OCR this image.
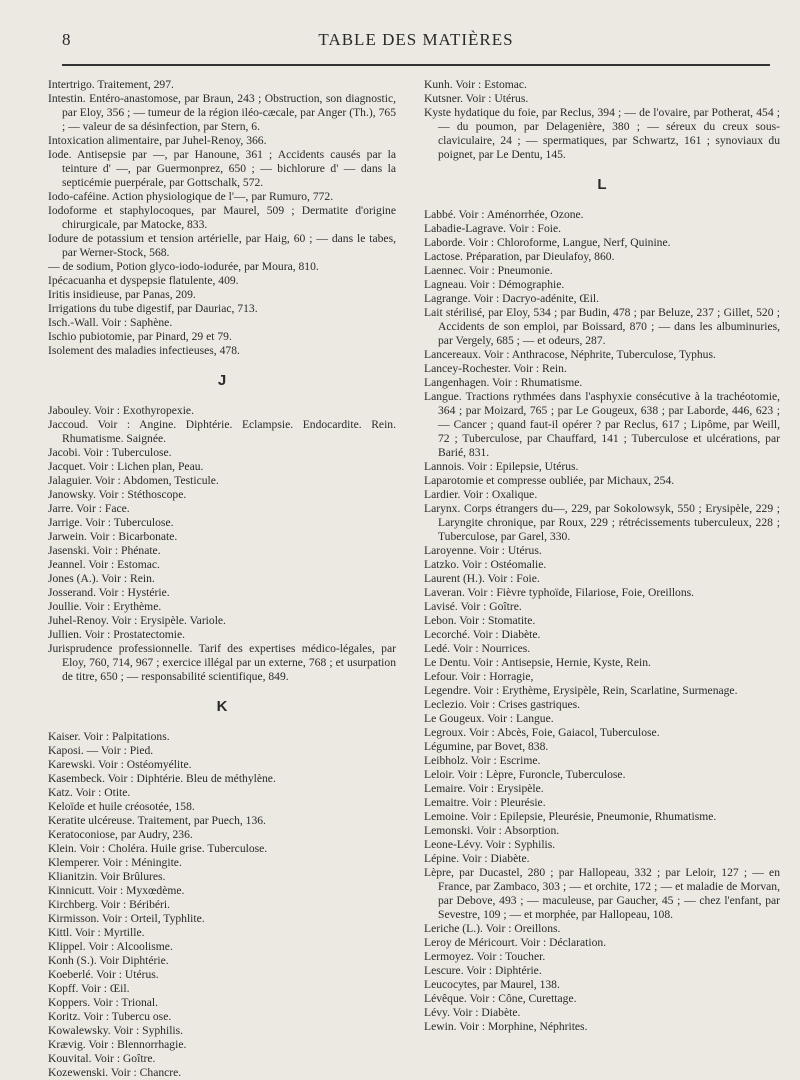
8	TABLE DES MATIÈRES

Intertrigo. Traitement, 297.

Intestin. Entéro-anastomose, par Braun, 243 ; Obstruction, son diagnostic, par Eloy, 356 ; — tumeur de la région iléo-cæcale, par Anger (Th.), 765 ; — valeur de sa désinfection, par Stern, 6.

Intoxication alimentaire, par Juhel-Renoy, 366.

Iode. Antisepsie par —, par Hanoune, 361 ; Accidents causés par la teinture d' —, par Guermonprez, 650 ; — bichlorure d' — dans la septicémie puerpérale, par Gottschalk, 572.

Iodo-caféine. Action physiologique de l'—, par Rumuro, 772.

Iodoforme et staphylocoques, par Maurel, 509 ; Dermatite d'origine chirurgicale, par Matocke, 833.

Iodure de potassium et tension artérielle, par Haig, 60 ; — dans le tabes, par Werner-Stock, 568.

— de sodium, Potion glyco-iodo-iodurée, par Moura, 810.

Ipécacuanha et dyspepsie flatulente, 409.

Iritis insidieuse, par Panas, 209.

Irrigations du tube digestif, par Dauriac, 713.

Isch.-Wall. Voir : Saphène.

Ischio pubiotomie, par Pinard, 29 et 79.

Isolement des maladies infectieuses, 478.

J

Jabouley. Voir : Exothyropexie.

Jaccoud. Voir : Angine. Diphtérie. Eclampsie. Endocardite. Rein. Rhumatisme. Saignée.

Jacobi. Voir : Tuberculose.

Jacquet. Voir : Lichen plan, Peau.

Jalaguier. Voir : Abdomen, Testicule.

Janowsky. Voir : Stéthoscope.

Jarre. Voir : Face.

Jarrige. Voir : Tuberculose.

Jarwein. Voir : Bicarbonate.

Jasenski. Voir : Phénate.

Jeannel. Voir : Estomac.

Jones (A.). Voir : Rein.

Josserand. Voir : Hystérie.

Joullie. Voir : Erythème.

Juhel-Renoy. Voir : Erysipèle. Variole.

Jullien. Voir : Prostatectomie.

Jurisprudence professionnelle. Tarif des expertises médico-légales, par Eloy, 760, 714, 967 ; exercice illégal par un externe, 768 ; et usurpation de titre, 650 ; — responsabilité scientifique, 849.

K

Kaiser. Voir : Palpitations.

Kaposi. — Voir : Pied.

Karewski. Voir : Ostéomyélite.

Kasembeck. Voir : Diphtérie. Bleu de méthylène.

Katz. Voir : Otite.

Keloïde et huile créosotée, 158.

Keratite ulcéreuse. Traitement, par Puech, 136.

Keratoconiose, par Audry, 236.

Klein. Voir : Choléra. Huile grise. Tuberculose.

Klemperer. Voir : Méningite.

Klianitzin. Voir Brûlures.

Kinnicutt. Voir : Myxœdème.

Kirchberg. Voir : Béribéri.

Kirmisson. Voir : Orteil, Typhlite.

Kittl. Voir : Myrtille.

Klippel. Voir : Alcoolisme.

Konh (S.). Voir Diphtérie.

Koeberlé. Voir : Utérus.

Kopff. Voir : Œil.

Koppers. Voir : Trional.

Koritz. Voir : Tubercu ose.

Kowalewsky. Voir : Syphilis.

Krævig. Voir : Blennorrhagie.

Kouvital. Voir : Goître.

Kozewenski. Voir : Chancre.

Kunh. Voir : Estomac.

Kutsner. Voir : Utérus.

Kyste hydatique du foie, par Reclus, 394 ; — de l'ovaire, par Potherat, 454 ; — du poumon, par Delagenière, 380 ; — séreux du creux sous-claviculaire, 24 ; — spermatiques, par Schwartz, 161 ; synoviaux du poignet, par Le Dentu, 145.

L

Labbé. Voir : Aménorrhée, Ozone.

Labadie-Lagrave. Voir : Foie.

Laborde. Voir : Chloroforme, Langue, Nerf, Quinine.

Lactose. Préparation, par Dieulafoy, 860.

Laennec. Voir : Pneumonie.

Lagneau. Voir : Démographie.

Lagrange. Voir : Dacryo-adénite, Œil.

Lait stérilisé, par Eloy, 534 ; par Budin, 478 ; par Beluze, 237 ; Gillet, 520 ; Accidents de son emploi, par Boissard, 870 ; — dans les albuminuries, par Vergely, 685 ; — et odeurs, 287.

Lancereaux. Voir : Anthracose, Néphrite, Tuberculose, Typhus.

Lancey-Rochester. Voir : Rein.

Langenhagen. Voir : Rhumatisme.

Langue. Tractions rythmées dans l'asphyxie consécutive à la trachéotomie, 364 ; par Moizard, 765 ; par Le Gougeux, 638 ; par Laborde, 446, 623 ; — Cancer ; quand faut-il opérer ? par Reclus, 617 ; Lipôme, par Weill, 72 ; Tuberculose, par Chauffard, 141 ; Tuberculose et ulcérations, par Barié, 831.

Lannois. Voir : Epilepsie, Utérus.

Laparotomie et compresse oubliée, par Michaux, 254.

Lardier. Voir : Oxalique.

Larynx. Corps étrangers du—, 229, par Sokolowsyk, 550 ; Erysipèle, 229 ; Laryngite chronique, par Roux, 229 ; rétrécissements tuberculeux, 228 ; Tuberculose, par Garel, 330.

Laroyenne. Voir : Utérus.

Latzko. Voir : Ostéomalie.

Laurent (H.). Voir : Foie.

Laveran. Voir : Fièvre typhoïde, Filariose, Foie, Oreillons.

Lavisé. Voir : Goître.

Lebon. Voir : Stomatite.

Lecorché. Voir : Diabète.

Ledé. Voir : Nourrices.

Le Dentu. Voir : Antisepsie, Hernie, Kyste, Rein.

Lefour. Voir : Horragie,

Legendre. Voir : Erythème, Erysipèle, Rein, Scarlatine, Surmenage.

Leclezio. Voir : Crises gastriques.

Le Gougeux. Voir : Langue.

Legroux. Voir : Abcès, Foie, Gaiacol, Tuberculose.

Légumine, par Bovet, 838.

Leibholz. Voir : Escrime.

Leloir. Voir : Lèpre, Furoncle, Tuberculose.

Lemaire. Voir : Erysipèle.

Lemaitre. Voir : Pleurésie.

Lemoine. Voir : Epilepsie, Pleurésie, Pneumonie, Rhumatisme.

Lemonski. Voir : Absorption.

Leone-Lévy. Voir : Syphilis.

Lépine. Voir : Diabète.

Lèpre, par Ducastel, 280 ; par Hallopeau, 332 ; par Leloir, 127 ; — en France, par Zambaco, 303 ; — et orchite, 172 ; — et maladie de Morvan, par Debove, 493 ; — maculeuse, par Gaucher, 45 ; — chez l'enfant, par Sevestre, 109 ; — et morphée, par Hallopeau, 108.

Leriche (L.). Voir : Oreillons.

Leroy de Méricourt. Voir : Déclaration.

Lermoyez. Voir : Toucher.

Lescure. Voir : Diphtérie.

Leucocytes, par Maurel, 138.

Lévêque. Voir : Cône, Curettage.

Lévy. Voir : Diabète.

Lewin. Voir : Morphine, Néphrites.
